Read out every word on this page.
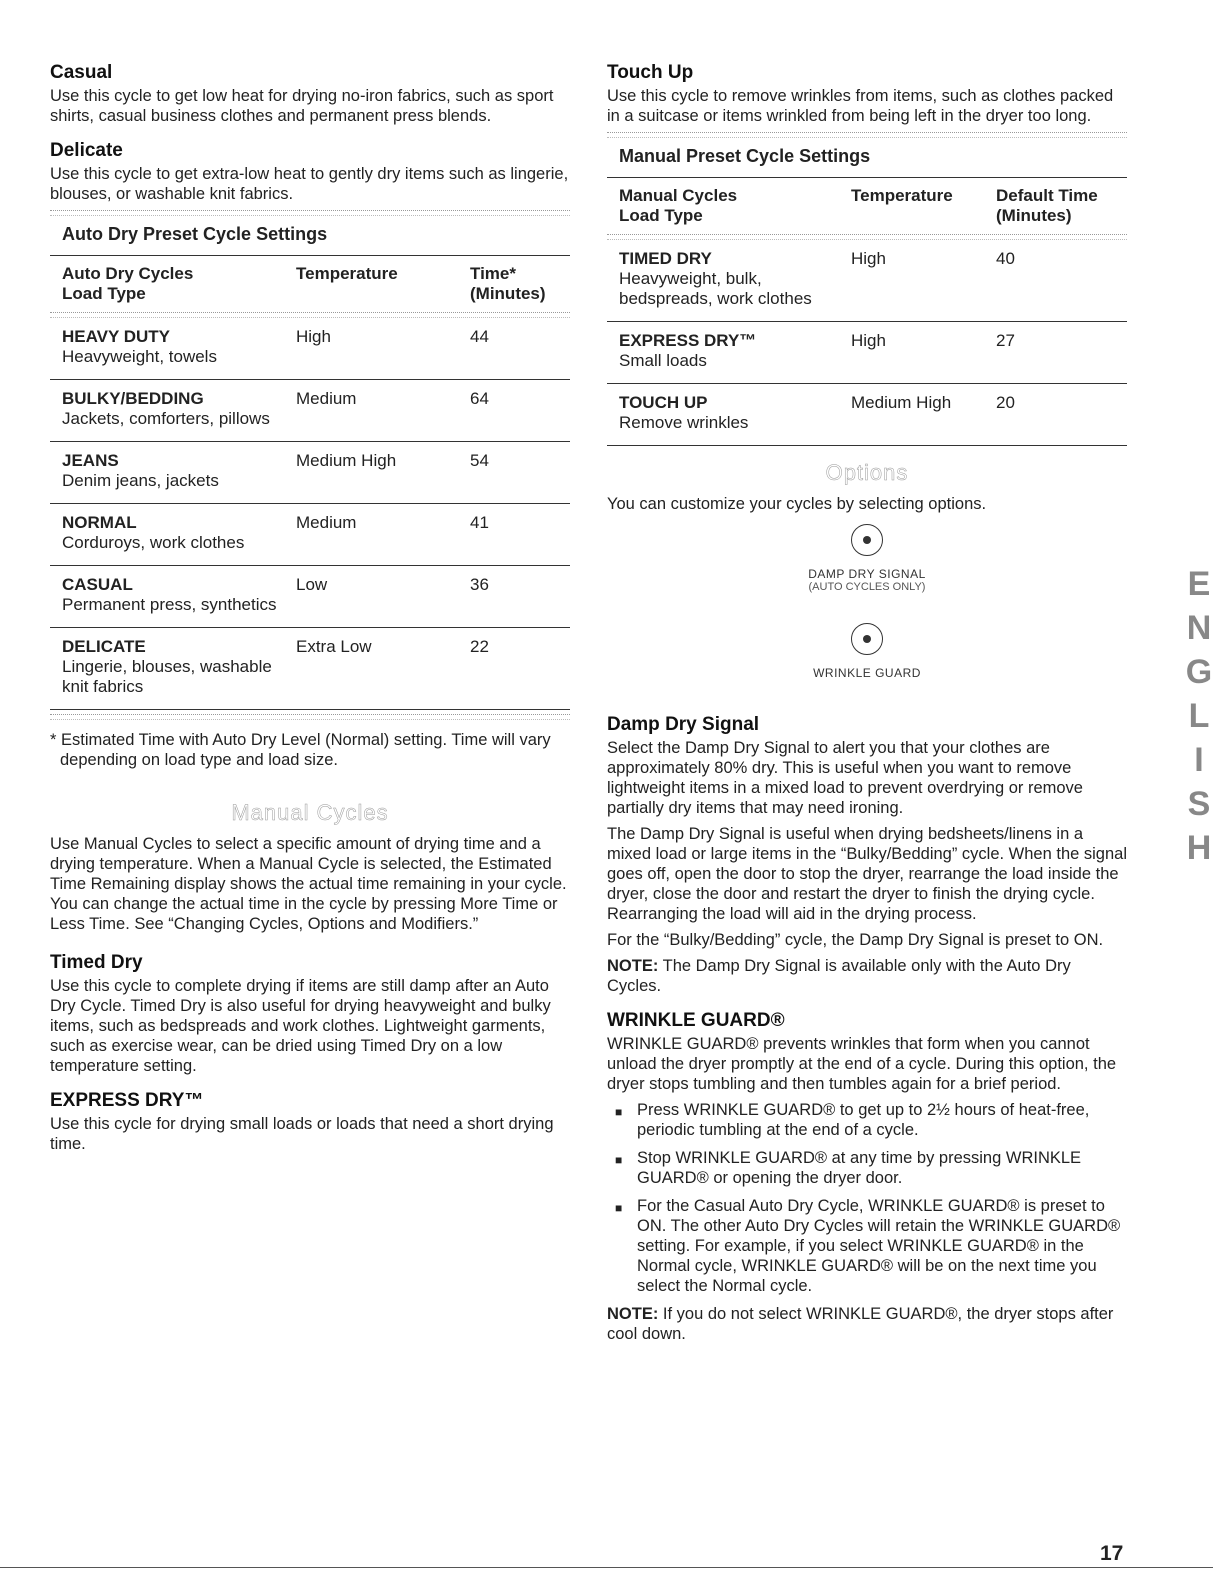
Casual

Use this cycle to get low heat for drying no-iron fabrics, such as sport shirts, casual business clothes and permanent press blends.

Delicate

Use this cycle to get extra-low heat to gently dry items such as lingerie, blouses, or washable knit fabrics.

Auto Dry Preset Cycle Settings
Auto Dry Cycles
Load Type
Temperature	Time*
(Minutes)
HEAVY DUTY
Heavyweight, towels
High	44
BULKY/BEDDING
Jackets, comforters, pillows
Medium	64
JEANS
Denim jeans, jackets
Medium High	54
NORMAL
Corduroys, work clothes
Medium	41
CASUAL
Permanent press, synthetics
Low	36
DELICATE
Lingerie, blouses, washable knit fabrics
Extra Low	22

* Estimated Time with Auto Dry Level (Normal) setting. Time will vary depending on load type and load size.

Manual Cycles

Use Manual Cycles to select a specific amount of drying time and a drying temperature. When a Manual Cycle is selected, the Estimated Time Remaining display shows the actual time remaining in your cycle. You can change the actual time in the cycle by pressing More Time or Less Time. See “Changing Cycles, Options and Modifiers.”

Timed Dry

Use this cycle to complete drying if items are still damp after an Auto Dry Cycle. Timed Dry is also useful for drying heavyweight and bulky items, such as bedspreads and work clothes. Lightweight garments, such as exercise wear, can be dried using Timed Dry on a low temperature setting.

EXPRESS DRY™

Use this cycle for drying small loads or loads that need a short drying time.

Touch Up

Use this cycle to remove wrinkles from items, such as clothes packed in a suitcase or items wrinkled from being left in the dryer too long.

Manual Preset Cycle Settings
Manual Cycles
Load Type
Temperature	Default Time
(Minutes)
TIMED DRY
Heavyweight, bulk, bedspreads, work clothes
High	40
EXPRESS DRY™
Small loads
High	27
TOUCH UP
Remove wrinkles
Medium High	20
Options

You can customize your cycles by selecting options.

DAMP DRY SIGNAL
(AUTO CYCLES ONLY)
WRINKLE GUARD
Damp Dry Signal

Select the Damp Dry Signal to alert you that your clothes are approximately 80% dry. This is useful when you want to remove lightweight items in a mixed load to prevent overdrying or remove partially dry items that may need ironing.

The Damp Dry Signal is useful when drying bedsheets/linens in a mixed load or large items in the “Bulky/Bedding” cycle. When the signal goes off, open the door to stop the dryer, rearrange the load inside the dryer, close the door and restart the dryer to finish the drying cycle. Rearranging the load will aid in the drying process.

For the “Bulky/Bedding” cycle, the Damp Dry Signal is preset to ON.

NOTE: The Damp Dry Signal is available only with the Auto Dry Cycles.

WRINKLE GUARD®

WRINKLE GUARD® prevents wrinkles that form when you cannot unload the dryer promptly at the end of a cycle. During this option, the dryer stops tumbling and then tumbles again for a brief period.

■ Press WRINKLE GUARD® to get up to 2½ hours of heat-free, periodic tumbling at the end of a cycle.
■ Stop WRINKLE GUARD® at any time by pressing WRINKLE GUARD® or opening the dryer door.
■ For the Casual Auto Dry Cycle, WRINKLE GUARD® is preset to ON. The other Auto Dry Cycles will retain the WRINKLE GUARD® setting. For example, if you select WRINKLE GUARD® in the Normal cycle, WRINKLE GUARD® will be on the next time you select the Normal cycle.

NOTE: If you do not select WRINKLE GUARD®, the dryer stops after cool down.

E
N
G
L
I
S
H
17
